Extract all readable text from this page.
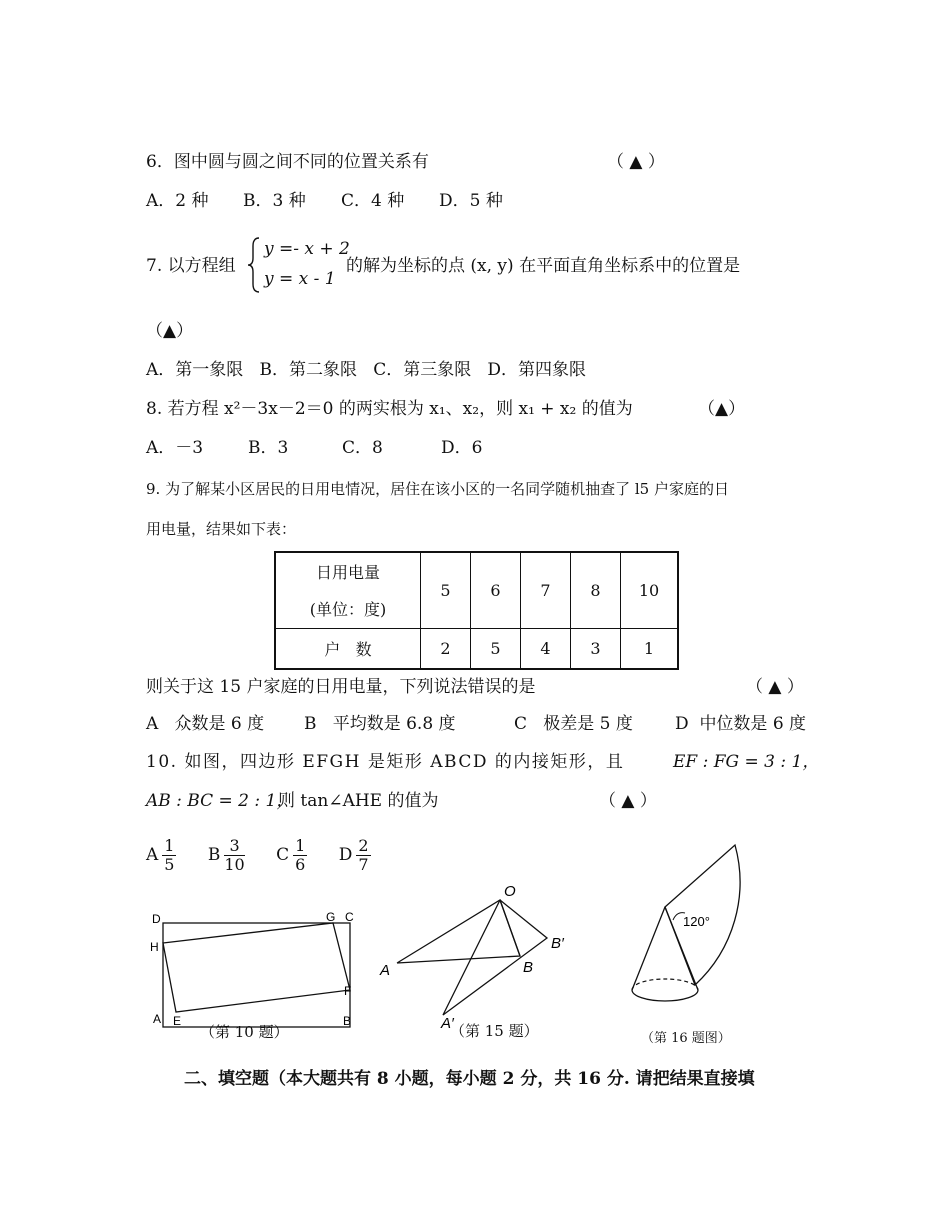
6．图中圆与圆之间不同的位置关系有	（ ▲ ）
A．2 种 B．3 种 C．4 种 D．5 种
7. 以方程组
y =- x + 2
y = x - 1
的解为坐标的点 (x, y) 在平面直角坐标系中的位置是
（▲）
A．第一象限   B．第二象限   C．第三象限   D．第四象限
8. 若方程 x²－3x－2＝0 的两实根为 x₁、x₂，则 x₁ + x₂ 的值为	（▲）
A．－3	B．3	C．8	D．6
9. 为了解某小区居民的日用电情况，居住在该小区的一名同学随机抽查了 l5 户家庭的日
用电量，结果如下表：
日用电量
(单位：度)	5	6	7	8	10
户   数	2	5	4	3	1
则关于这 15 户家庭的日用电量，下列说法错误的是	（ ▲ ）
A   众数是 6 度 B   平均数是 6.8 度	C   极差是 5 度 D  中位数是 6 度
10. 如图，四边形 EFGH 是矩形 ABCD 的内接矩形，且	EF : FG = 3 : 1，
AB : BC = 2 : 1，
则 tan∠AHE 的值为	（ ▲ ）
A $\frac{1}{5}$ B $\frac{3}{10}$ C $\frac{1}{6}$ D $\frac{2}{7}$
D	G C
H
F
A E	B
（第 10 题）
O
A	B
B′
A′
（第 15 题）
120°
（第 16 题图）
二、填空题（本大题共有 8 小题，每小题 2 分，共 16 分. 请把结果直接填
